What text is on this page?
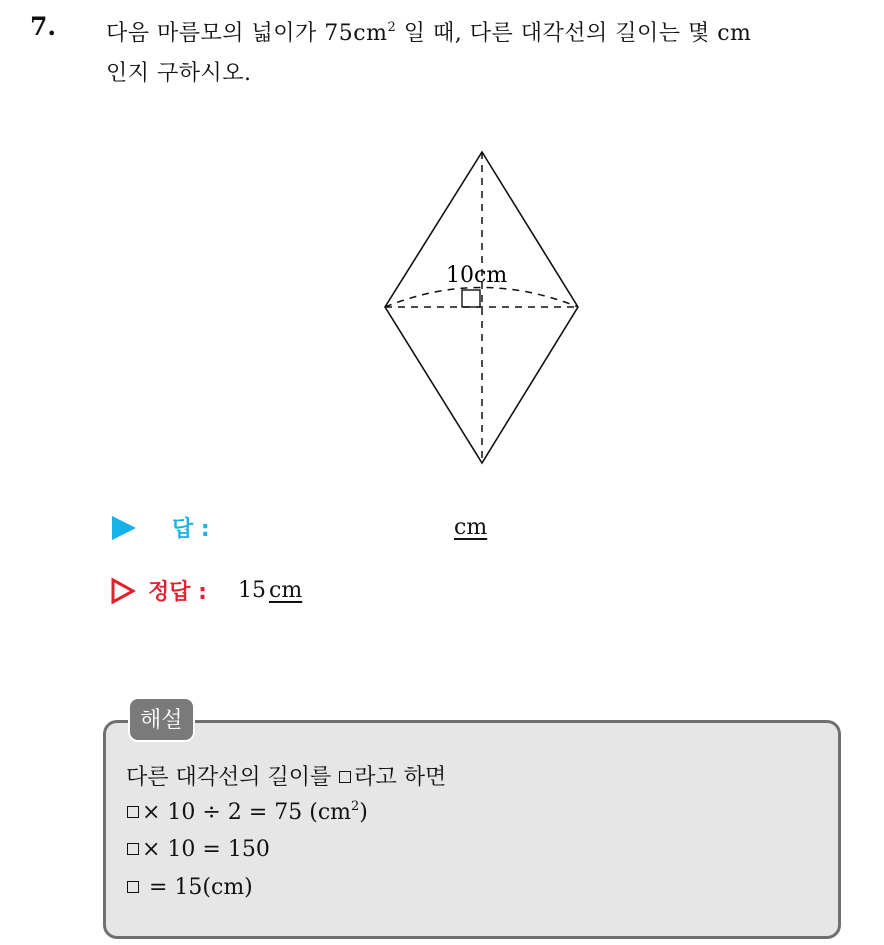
7. 다음 마름모의 넓이가 $75cm^2$ 일 때, 다른 대각선의 길이는 몇 cm
인지 구하시오.
10cm
답 :	cm
정답 : 15 cm
해설
다른 대각선의 길이를 라고 하면
× 10 ÷ 2 = 75 $(cm^2)$
× 10 = 150
= 15(cm)
